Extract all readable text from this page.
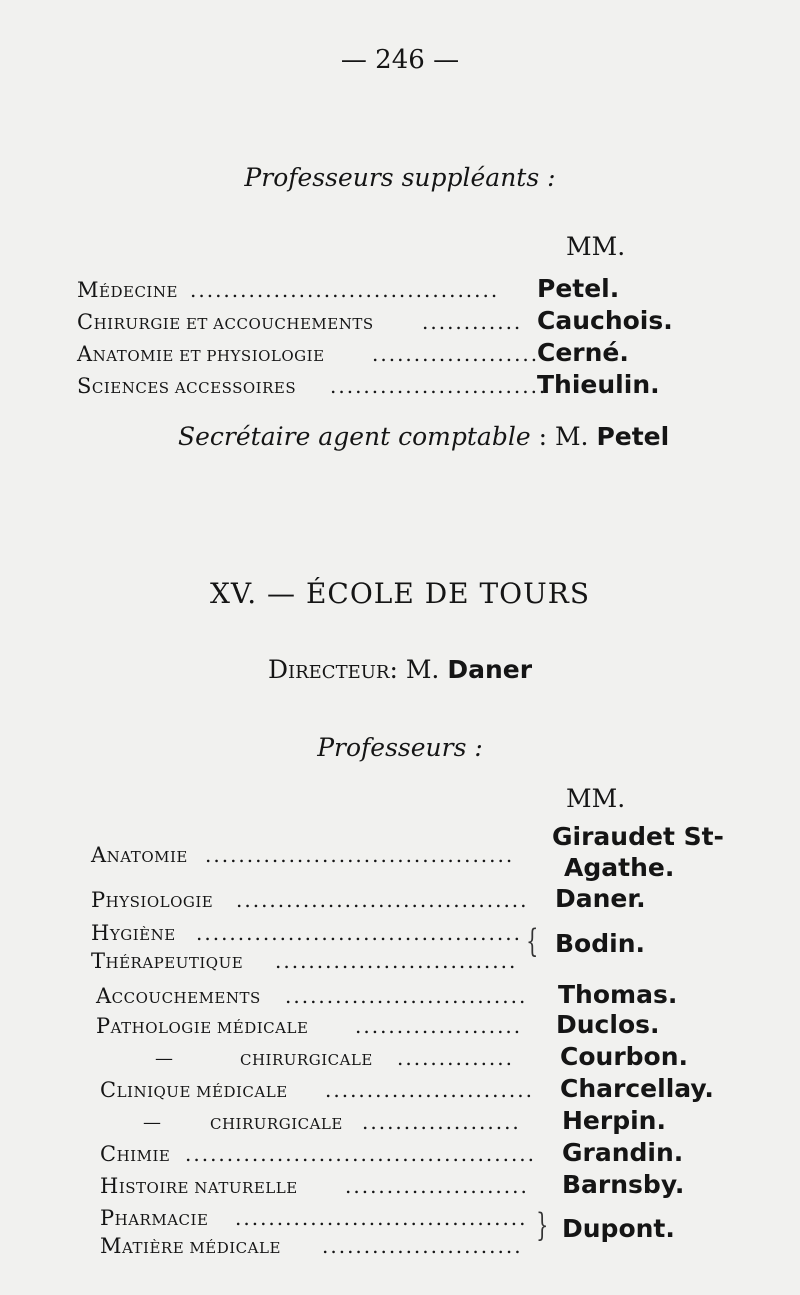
— 246 —
Professeurs suppléants :
MM.
MÉDECINE ..................................... Petel.
CHIRURGIE ET ACCOUCHEMENTS ............ Cauchois.
ANATOMIE ET PHYSIOLOGIE ....................
Cerné.
SCIENCES ACCESSOIRES ..........................
Thieulin.
Secrétaire agent comptable : M. Petel
XV. — ÉCOLE DE TOURS
DIRECTEUR: M. Daner
Professeurs :
MM.
ANATOMIE .....................................
Giraudet St-
Agathe.
PHYSIOLOGIE ................................... Daner.
HYGIÈNE .......................................
THÉRAPEUTIQUE .............................
{ Bodin.
ACCOUCHEMENTS ............................. Thomas.
PATHOLOGIE MÉDICALE .................... Duclos.
—	CHIRURGICALE .............. Courbon.
CLINIQUE MÉDICALE ......................... Charcellay.
—	CHIRURGICALE ................... Herpin.
CHIMIE .......................................... Grandin.
HISTOIRE NATURELLE ...................... Barnsby.
PHARMACIE ...................................
MATIÈRE MÉDICALE ........................
} Dupont.
